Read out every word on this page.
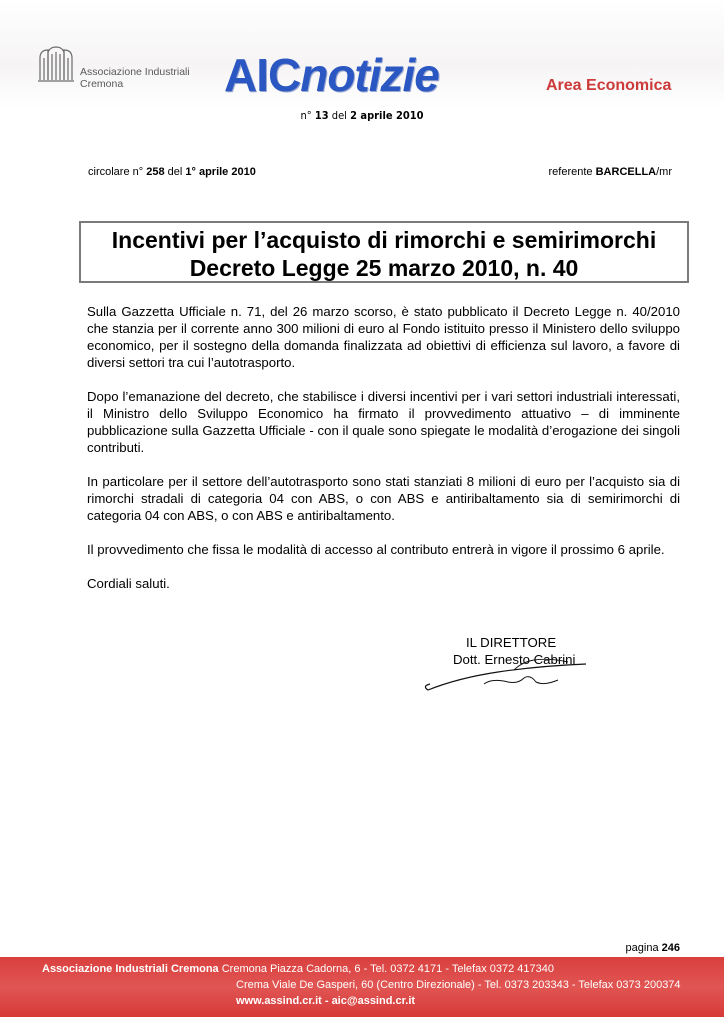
Associazione Industriali
Cremona	AICnotizie	Area Economica
n° 13 del 2 aprile 2010
circolare n° 258 del 1° aprile 2010	referente BARCELLA/mr
Incentivi per l’acquisto di rimorchi e semirimorchi
Decreto Legge 25 marzo 2010, n. 40

Sulla Gazzetta Ufficiale n. 71, del 26 marzo scorso, è stato pubblicato il Decreto Legge n. 40/2010 che stanzia per il corrente anno 300 milioni di euro al Fondo istituito presso il Ministero dello sviluppo economico, per il sostegno della domanda finalizzata ad obiettivi di efficienza sul lavoro, a favore di diversi settori tra cui l’autotrasporto.

Dopo l’emanazione del decreto, che stabilisce i diversi incentivi per i vari settori industriali interessati, il Ministro dello Sviluppo Economico ha firmato il provvedimento attuativo – di imminente pubblicazione sulla Gazzetta Ufficiale - con il quale sono spiegate le modalità d’erogazione dei singoli contributi.

In particolare per il settore dell’autotrasporto sono stati stanziati 8 milioni di euro per l’acquisto sia di rimorchi stradali di categoria 04 con ABS, o con ABS e antiribaltamento sia di semirimorchi di categoria 04 con ABS, o con ABS e antiribaltamento.

Il provvedimento che fissa le modalità di accesso al contributo entrerà in vigore il prossimo 6 aprile.

Cordiali saluti.

IL DIRETTORE
Dott. Ernesto Cabrini
pagina 246
Associazione Industriali Cremona Cremona Piazza Cadorna, 6 - Tel. 0372 4171 - Telefax 0372 417340
Crema Viale De Gasperi, 60 (Centro Direzionale) - Tel. 0373 203343 - Telefax 0373 200374
www.assind.cr.it - aic@assind.cr.it
